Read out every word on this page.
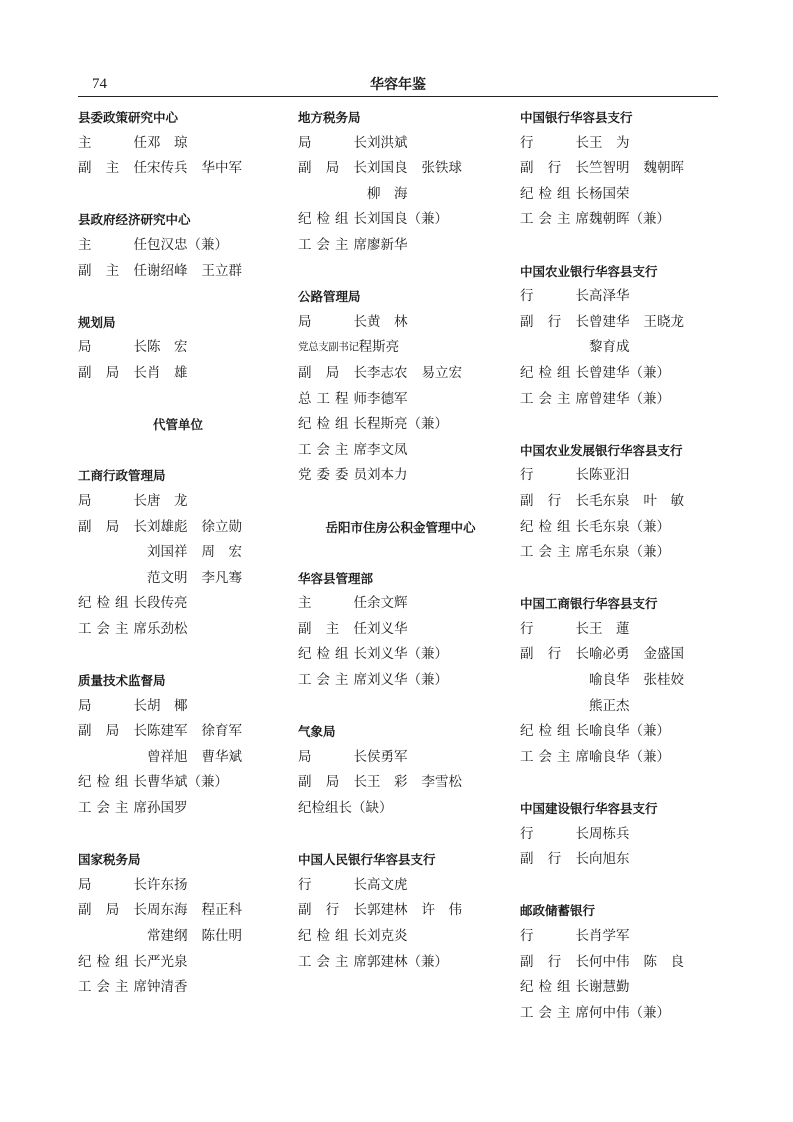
74	华容年鉴
县委政策研究中心
主任 邓　琼
副主任 宋传兵 华中军
县政府经济研究中心
主任 包汉忠（兼）
副主任 谢绍峰 王立群
规划局
局长 陈　宏
副局长 肖　雄
代管单位
工商行政管理局
局长 唐　龙
副局长 刘雄彪 徐立勋
刘国祥 周　宏
范文明 李凡骞
纪检组长 段传亮
工会主席 乐劲松
质量技术监督局
局长 胡　椰
副局长 陈建军 徐育军
曾祥旭 曹华斌
纪检组长 曹华斌（兼）
工会主席 孙国罗
国家税务局
局长 许东扬
副局长 周东海 程正科
常建纲 陈仕明
纪检组长 严光泉
工会主席 钟清香
地方税务局
局长 刘洪斌
副局长 刘国良 张铁球
柳　海
纪检组长 刘国良（兼）
工会主席 廖新华
公路管理局
局长 黄　林
党总支副书记 程斯亮
副局长 李志农 易立宏
总工程师 李德军
纪检组长 程斯亮（兼）
工会主席 李文凤
党委委员 刘本力
岳阳市住房公积金管理中心
华容县管理部
主任 余文辉
副主任 刘义华
纪检组长 刘义华（兼）
工会主席 刘义华（兼）
气象局
局长 侯勇军
副局长 王　彩 李雪松
纪检组长（缺）
中国人民银行华容县支行
行长 高文虎
副行长 郭建林 许　伟
纪检组长 刘克炎
工会主席 郭建林（兼）
中国银行华容县支行
行长 王　为
副行长 竺智明 魏朝晖
纪检组长 杨国荣
工会主席 魏朝晖（兼）
中国农业银行华容县支行
行长 高泽华
副行长 曾建华 王晓龙
黎育成
纪检组长 曾建华（兼）
工会主席 曾建华（兼）
中国农业发展银行华容县支行
行长 陈亚汨
副行长 毛东泉 叶　敏
纪检组长 毛东泉（兼）
工会主席 毛东泉（兼）
中国工商银行华容县支行
行长 王　蓮
副行长 喻必勇 金盛国
喻良华 张桂姣
熊正杰
纪检组长 喻良华（兼）
工会主席 喻良华（兼）
中国建设银行华容县支行
行长 周栋兵
副行长 向旭东
邮政储蓄银行
行长 肖学军
副行长 何中伟 陈　良
纪检组长 谢慧勤
工会主席 何中伟（兼）
